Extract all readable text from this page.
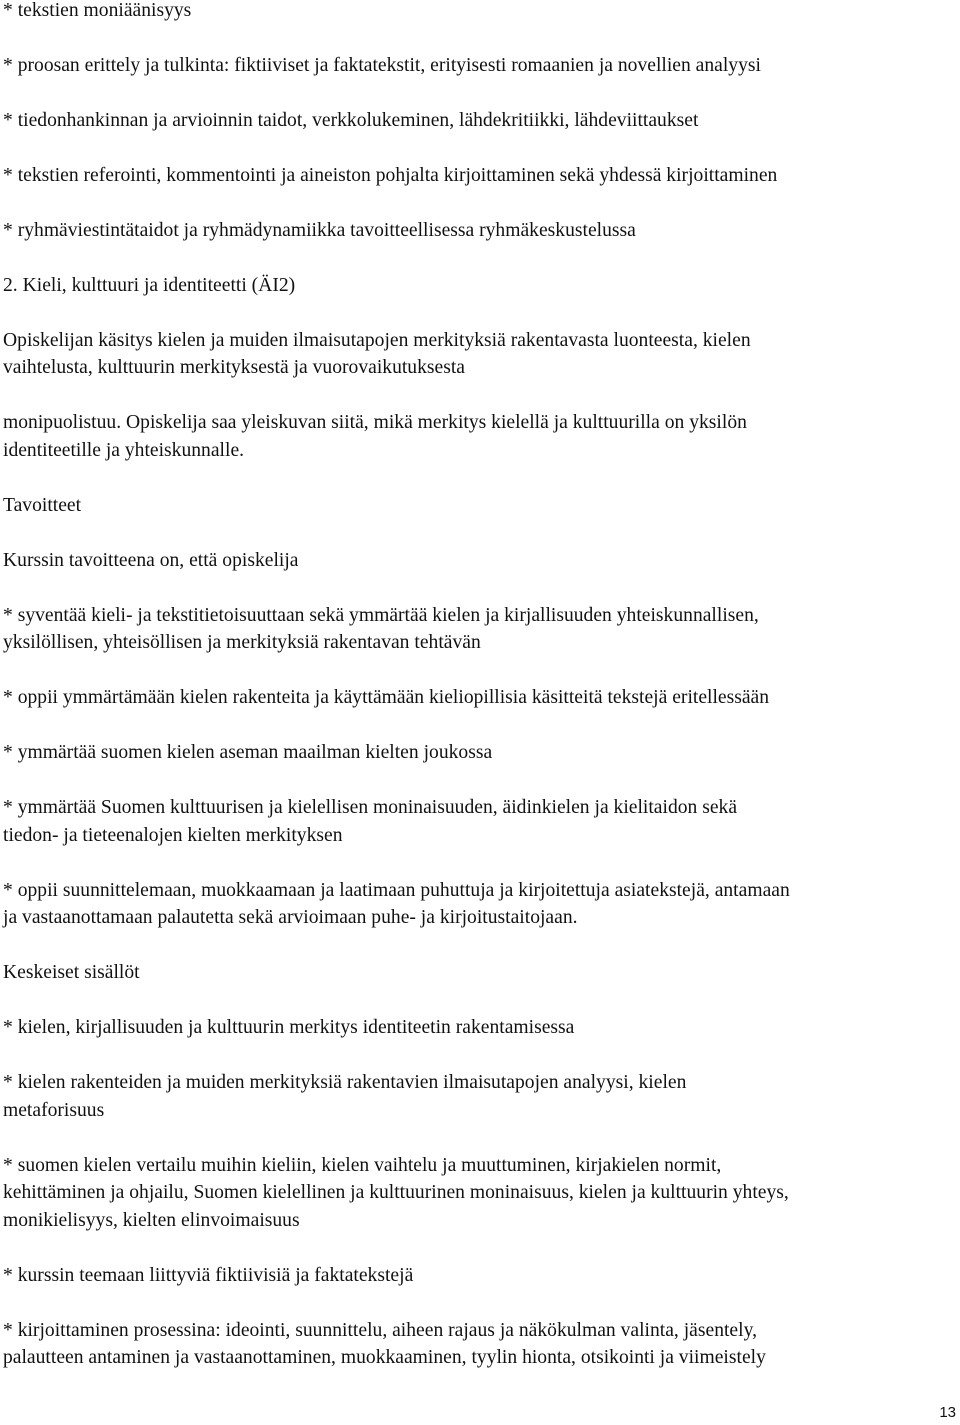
* tekstien moniäänisyys

* proosan erittely ja tulkinta: fiktiiviset ja faktatekstit, erityisesti romaanien ja novellien analyysi

* tiedonhankinnan ja arvioinnin taidot, verkkolukeminen, lähdekritiikki, lähdeviittaukset

* tekstien referointi, kommentointi ja aineiston pohjalta kirjoittaminen sekä yhdessä kirjoittaminen

* ryhmäviestintätaidot ja ryhmädynamiikka tavoitteellisessa ryhmäkeskustelussa

2. Kieli, kulttuuri ja identiteetti (ÄI2)

Opiskelijan käsitys kielen ja muiden ilmaisutapojen merkityksiä rakentavasta luonteesta, kielen

vaihtelusta, kulttuurin merkityksestä ja vuorovaikutuksesta

monipuolistuu. Opiskelija saa yleiskuvan siitä, mikä merkitys kielellä ja kulttuurilla on yksilön

identiteetille ja yhteiskunnalle.

Tavoitteet

Kurssin tavoitteena on, että opiskelija

* syventää kieli- ja tekstitietoisuuttaan sekä ymmärtää kielen ja kirjallisuuden yhteiskunnallisen,

yksilöllisen, yhteisöllisen ja merkityksiä rakentavan tehtävän

* oppii ymmärtämään kielen rakenteita ja käyttämään kieliopillisia käsitteitä tekstejä eritellessään

* ymmärtää suomen kielen aseman maailman kielten joukossa

* ymmärtää Suomen kulttuurisen ja kielellisen moninaisuuden, äidinkielen ja kielitaidon sekä

tiedon- ja tieteenalojen kielten merkityksen

* oppii suunnittelemaan, muokkaamaan ja laatimaan puhuttuja ja kirjoitettuja asiatekstejä, antamaan

ja vastaanottamaan palautetta sekä arvioimaan puhe- ja kirjoitustaitojaan.

Keskeiset sisällöt

* kielen, kirjallisuuden ja kulttuurin merkitys identiteetin rakentamisessa

* kielen rakenteiden ja muiden merkityksiä rakentavien ilmaisutapojen analyysi, kielen

metaforisuus

* suomen kielen vertailu muihin kieliin, kielen vaihtelu ja muuttuminen, kirjakielen normit,

kehittäminen ja ohjailu, Suomen kielellinen ja kulttuurinen moninaisuus, kielen ja kulttuurin yhteys,

monikielisyys, kielten elinvoimaisuus

* kurssin teemaan liittyviä fiktiivisiä ja faktatekstejä

* kirjoittaminen prosessina: ideointi, suunnittelu, aiheen rajaus ja näkökulman valinta, jäsentely,

palautteen antaminen ja vastaanottaminen, muokkaaminen, tyylin hionta, otsikointi ja viimeistely

13
